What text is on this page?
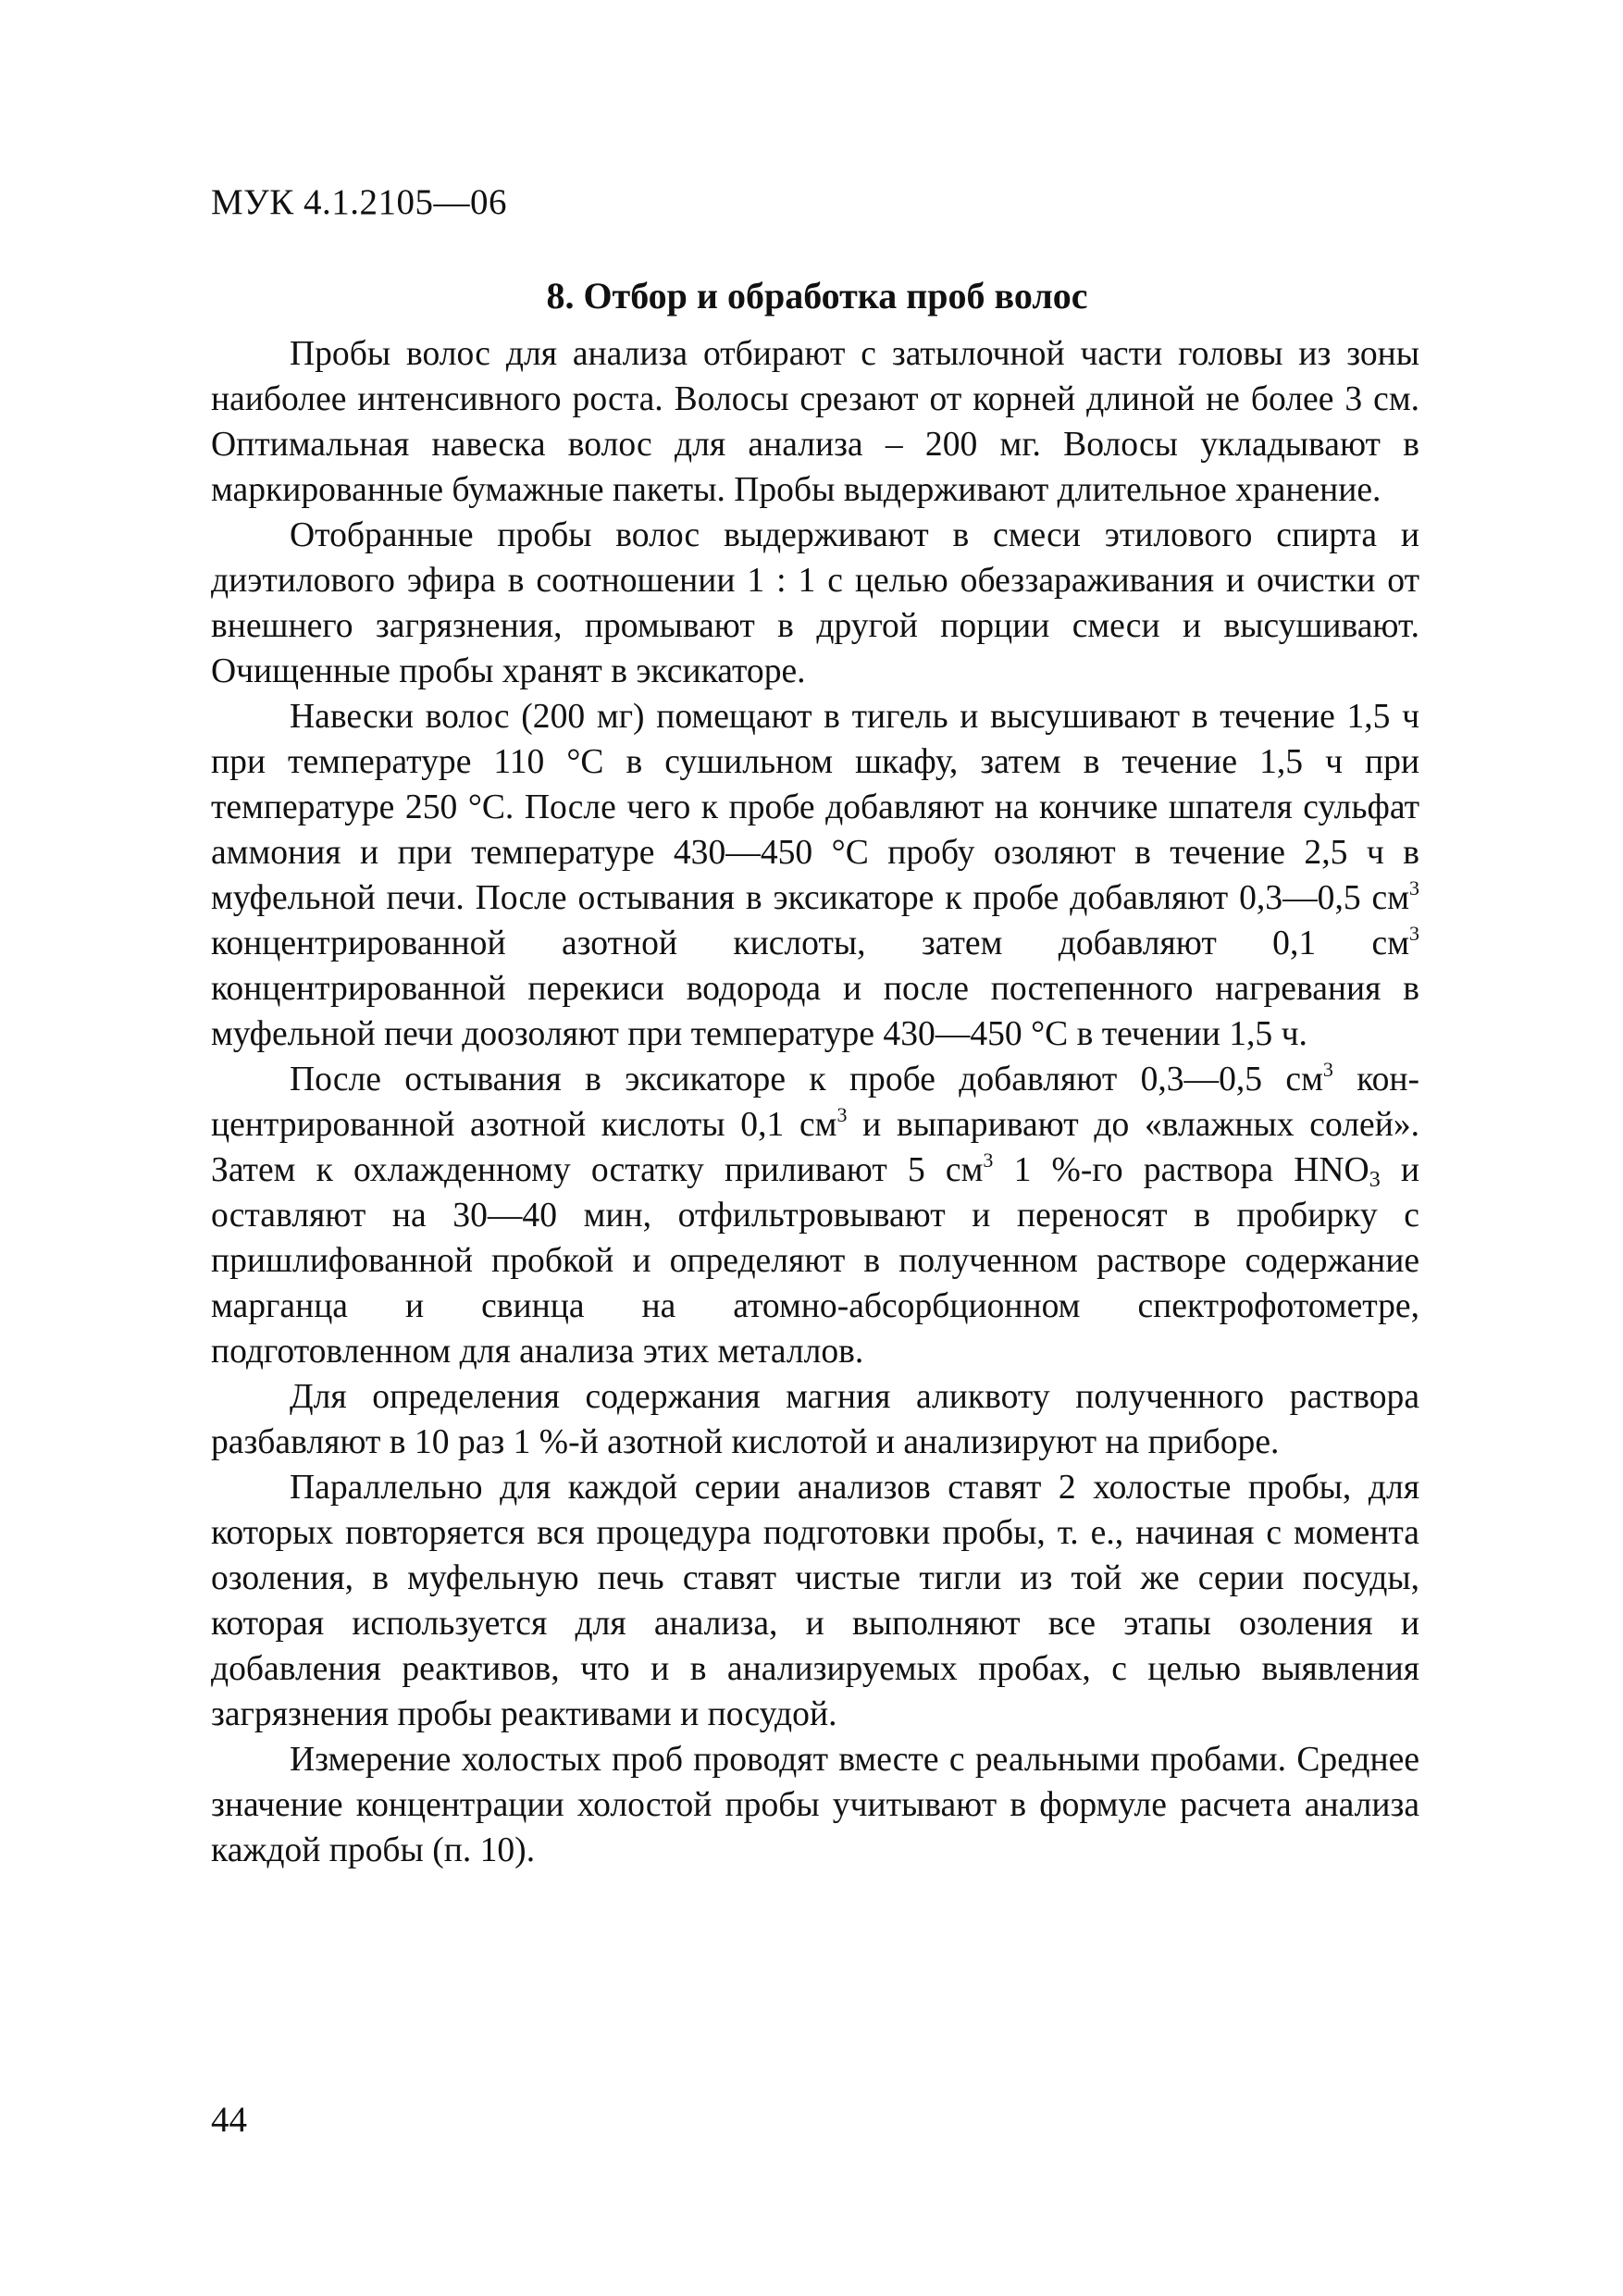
МУК 4.1.2105—06
8. Отбор и обработка проб волос

Пробы волос для анализа отбирают с затылочной части головы из зоны наиболее интенсивного роста. Волосы срезают от корней длиной не более 3 см. Оптимальная навеска волос для анализа – 200 мг. Волосы укладывают в маркированные бумажные пакеты. Пробы выдерживают длительное хранение.

Отобранные пробы волос выдерживают в смеси этилового спирта и диэтилового эфира в соотношении 1 : 1 с целью обеззараживания и очистки от внешнего загрязнения, промывают в другой порции смеси и высушивают. Очищенные пробы хранят в эксикаторе.

Навески волос (200 мг) помещают в тигель и высушивают в течение 1,5 ч при температуре 110 °С в сушильном шкафу, затем в течение 1,5 ч при температуре 250 °С. После чего к пробе добавляют на кончике шпателя сульфат аммония и при температуре 430—450 °С пробу озоляют в течение 2,5 ч в муфельной печи. После остывания в эксикаторе к пробе добавляют 0,3—0,5 $см^3$ концентрированной азотной кислоты, затем добавляют 0,1 $см^3$ концентрированной перекиси водорода и после постепенного нагревания в муфельной печи доозоляют при температуре 430—450 °С в течении 1,5 ч.

После остывания в эксикаторе к пробе добавляют 0,3—0,5 $см^3$ концентрированной азотной кислоты 0,1 $см^3$ и выпаривают до «влажных солей». Затем к охлажденному остатку приливают 5 $см^3$ 1 %-го раствора $HNO_3$ и оставляют на 30—40 мин, отфильтровывают и переносят в пробирку с пришлифованной пробкой и определяют в полученном растворе содержание марганца и свинца на атомно-абсорбционном спектрофотометре, подготовленном для анализа этих металлов.

Для определения содержания магния аликвоту полученного раствора разбавляют в 10 раз 1 %-й азотной кислотой и анализируют на приборе.

Параллельно для каждой серии анализов ставят 2 холостые пробы, для которых повторяется вся процедура подготовки пробы, т. е., начиная с момента озоления, в муфельную печь ставят чистые тигли из той же серии посуды, которая используется для анализа, и выполняют все этапы озоления и добавления реактивов, что и в анализируемых пробах, с целью выявления загрязнения пробы реактивами и посудой.

Измерение холостых проб проводят вместе с реальными пробами. Среднее значение концентрации холостой пробы учитывают в формуле расчета анализа каждой пробы (п. 10).

44
